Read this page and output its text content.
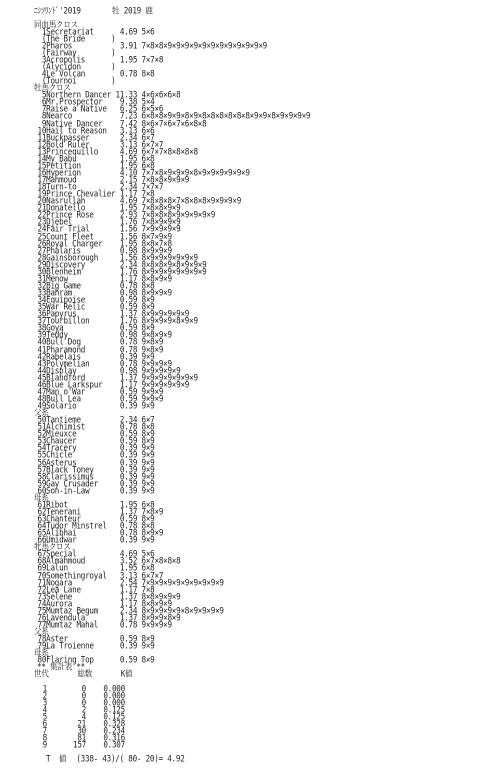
ﾆｼｿﾘﾝﾄﾞ'2019	牡 2019 鹿
同血馬クロス
1Secretariat	4.69 5×6
( The Bride )
2Pharos	3.91 7×8×8×9×9×9×9×9×9×9×9×9×9×9×9
( Fairway )
3Acropolis	1.95 7×7×8
( Alycidon )
4Le Volcan	0.78 8×8
( Tournoi )
牡馬クロス
5Northern Dancer 11.33 4×6×6×6×8
6Mr.Prospector 9.38 5×4
7Raise a Native 6.25 6×5×6
8Nearco	7.23 6×8×8×9×9×8×9×8×8×8×8×8×8×9×9×8×9×9×9×9
9Native Dancer 7.42 8×6×7×6×7×6×8×8
10Hail to Reason 3.13 6×6
11Buckpasser	2.34 6×7
12Bold Ruler	3.13 6×7×7
13Princequillo	4.69 6×7×7×8×8×8×8
14My Babu	1.95 6×8
15Petition	1.95 6×8
16Hyperion	4.10 7×7×8×9×9×9×8×9×9×9×9×9×9
17Mahmoud	2.15 7×8×8×9×9×9
18Turn-to	2.34 7×7×7
19Prince Chevalier 1.17 7×8
20Nasrullah	4.69 7×8×8×8×7×8×8×8×9×9×9×9
21Donatello	1.95 7×8×8×9×9
22Prince Rose	2.93 7×8×8×8×9×9×9×9×9
23Djebel	1.76 7×8×9×9×9
24Fair Trial	1.56 7×9×9×9×9
25Count Fleet	1.56 8×7×9×9
26Royal Charger 1.95 8×8×7×8
27Phalaris	0.98 8×9×9×9
28Gainsborough	1.56 8×9×9×9×9×9×9
29Discovery	2.34 8×8×8×9×8×9×9×9
30Blenheim	1.76 8×9×9×9×9×9×9×9
31Menow	1.17 8×8×9×9
32Big Game	0.78 8×8
33Bahram	0.98 8×9×9×9
34Equipoise	0.59 8×9
35War Relic	0.59 8×9
36Papyrus	1.37 8×9×9×9×9×9
37Tourbillon	1.76 8×9×9×9×8×9×9
38Goya	0.59 8×9
39Teddy	0.98 9×8×9×9
40Bull Dog	0.78 9×8×9
41Pharamond	0.78 9×8×9
42Rabelais	0.39 9×9
43Polymelian	0.78 9×9×9×9
44Display	0.98 9×9×9×9×9
45Blandford	1.37 9×9×9×9×9×9×9
46Blue Larkspur 1.17 9×9×9×9×9×9
47Man o'War	0.59 9×9×9
48Bull Lea	0.59 9×9×9
49Solario	0.39 9×9
父系
50Tantieme	2.34 6×7
51Alchimist	0.78 8×8
52Mieuxce	0.59 8×9
53Chaucer	0.59 8×9
54Tracery	0.39 9×9
55Chicle	0.39 9×9
56Asterus	0.39 9×9
57Black Toney	0.39 9×9
58Clarissimus	0.39 9×9
59Gay Crusader	0.39 9×9
60Son-in-Law	0.39 9×9
母系
61Ribot	1.95 6×8
62Tenerani	1.37 7×8×9
63Chanteur	0.59 8×9
64Tudor Minstrel 0.78 8×8
65Alibhai	0.78 8×9×9
66Umidwar	0.39 9×9
牝馬クロス
67Special	4.69 5×6
68Almahmoud	3.52 6×7×8×8×8
69Lalun	1.95 6×8
70Somethingroyal 3.13 6×7×7
71Nogara	2.54 7×9×9×9×9×9×9×9×9×9
72Lea Lane	1.17 7×8
73Selene	1.37 8×8×9×9×9
74Aurora	1.17 8×8×9×9
75Mumtaz Begum	2.34 8×9×9×9×9×8×9×9×9×9
76Lavendula	1.37 8×9×9×8×9
77Mumtaz Mahal	0.78 9×9×9×9
父系
78Aster	0.59 8×9
79La Troienne	0.39 9×9
母系
80Flaring Top	0.59 8×9
** 集計表 **
世代	総数	K値
1	0 0.000
2	0 0.000
3	0 0.000
4	2 0.125
5	4 0.125
6	21 0.328
7	30 0.234
8	81 0.316
9	157 0.307
T  値 (338- 43)/( 80- 20)= 4.92
